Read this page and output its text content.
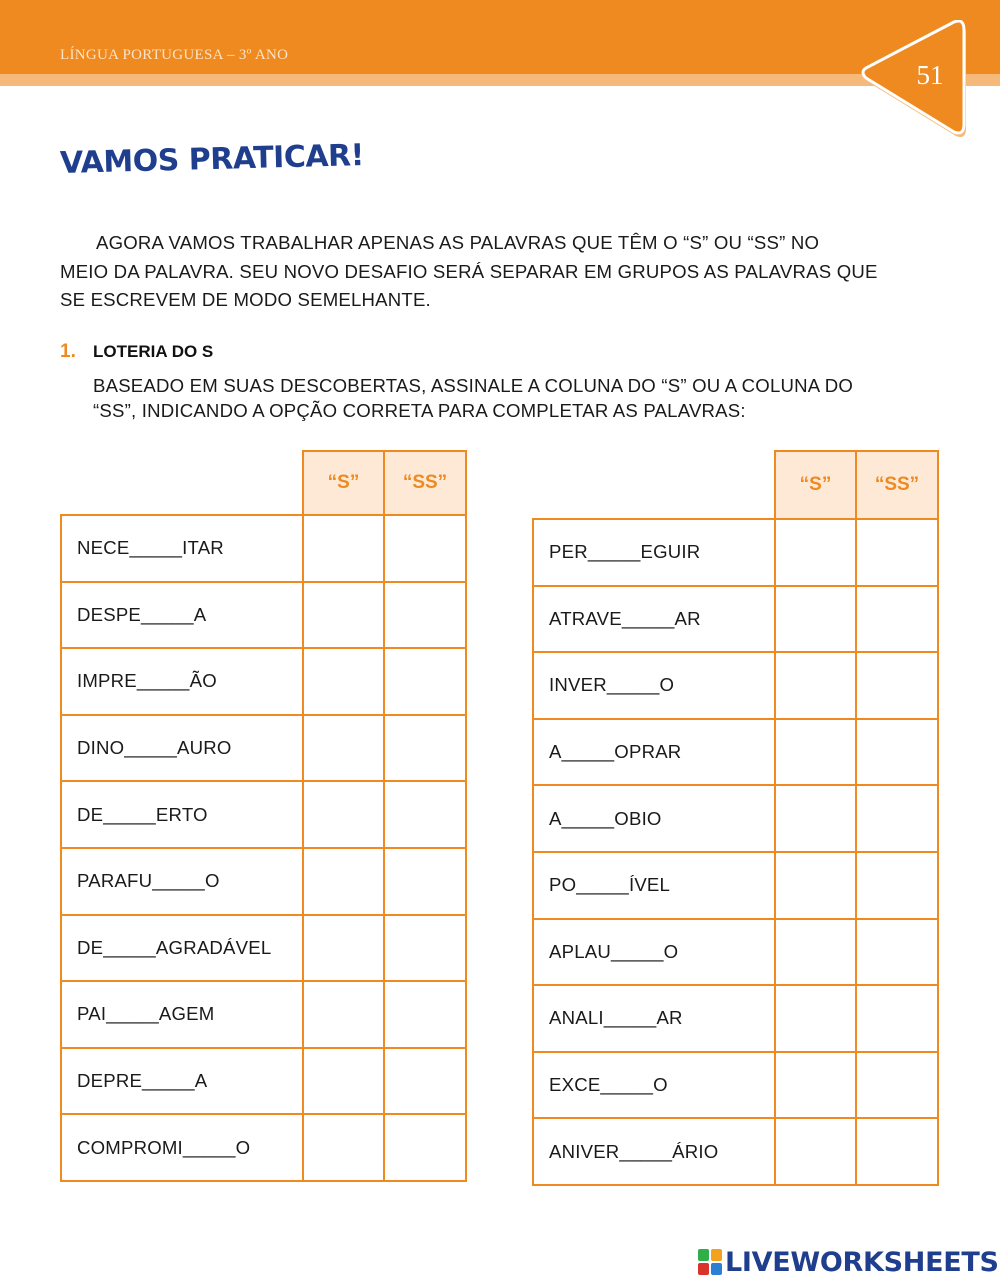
LÍNGUA PORTUGUESA – 3º ANO
51
VAMOS PRATICAR!
AGORA VAMOS TRABALHAR APENAS AS PALAVRAS QUE TÊM O “S” OU “SS” NO
MEIO DA PALAVRA. SEU NOVO DESAFIO SERÁ SEPARAR EM GRUPOS AS PALAVRAS QUE
SE ESCREVEM DE MODO SEMELHANTE.
1. LOTERIA DO S
BASEADO EM SUAS DESCOBERTAS, ASSINALE A COLUNA DO “S” OU A COLUNA DO
“SS”, INDICANDO A OPÇÃO CORRETA PARA COMPLETAR AS PALAVRAS:
	“S”	“SS”
NECE_____ITAR		
DESPE_____A		
IMPRE_____ÃO		
DINO_____AURO		
DE_____ERTO		
PARAFU_____O		
DE_____AGRADÁVEL		
PAI_____AGEM		
DEPRE_____A		
COMPROMI_____O		
	“S”	“SS”
PER_____EGUIR		
ATRAVE_____AR		
INVER_____O		
A_____OPRAR		
A_____OBIO		
PO_____ÍVEL		
APLAU_____O		
ANALI_____AR		
EXCE_____O		
ANIVER_____ÁRIO		
LIVEWORKSHEETS
